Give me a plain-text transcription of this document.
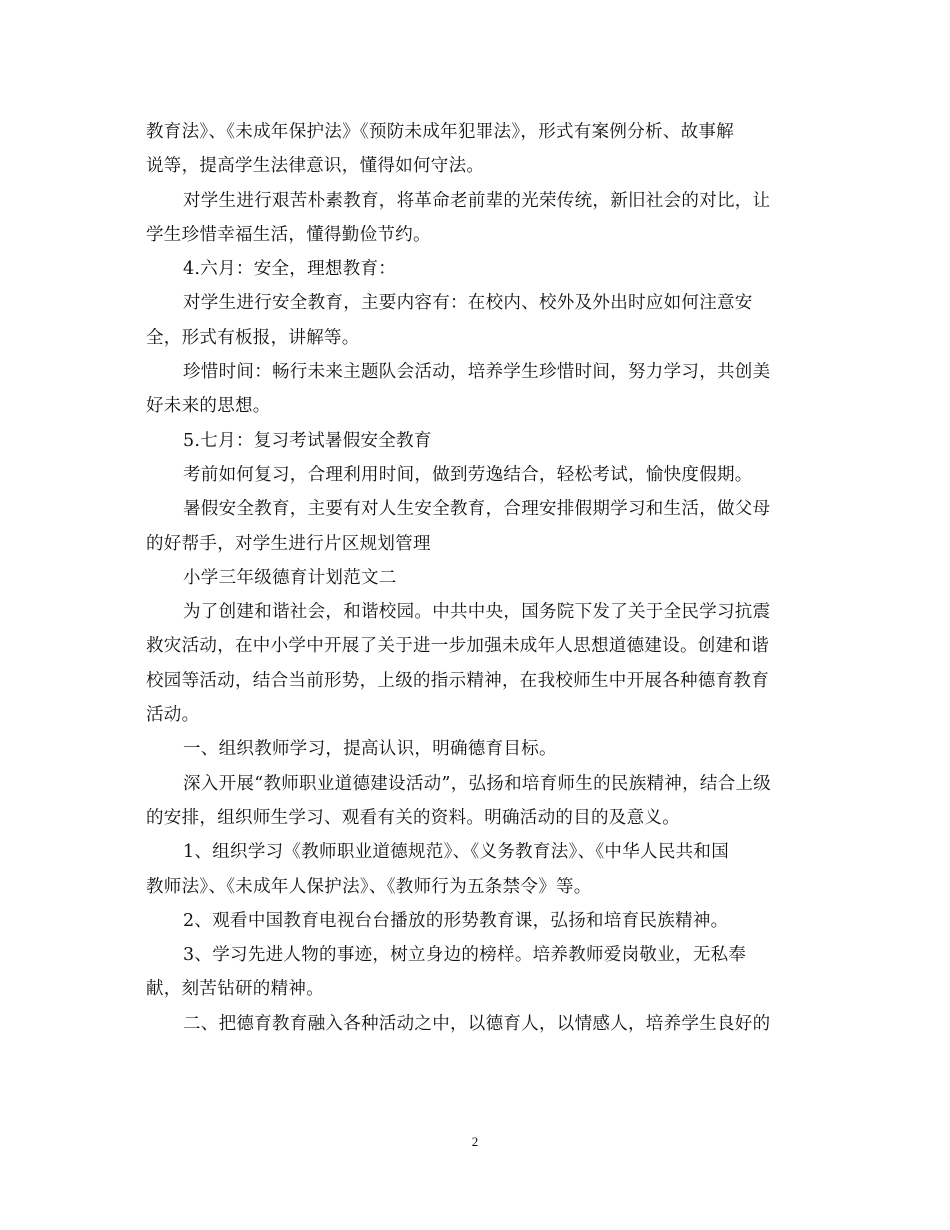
教育法》、《未成年保护法》《预防未成年犯罪法》，形式有案例分析、故事解
说等，提高学生法律意识，懂得如何守法。
对学生进行艰苦朴素教育，将革命老前辈的光荣传统，新旧社会的对比，让
学生珍惜幸福生活，懂得勤俭节约。
4.六月：安全，理想教育：
对学生进行安全教育，主要内容有：在校内、校外及外出时应如何注意安
全，形式有板报，讲解等。
珍惜时间：畅行未来主题队会活动，培养学生珍惜时间，努力学习，共创美
好未来的思想。
5.七月：复习考试暑假安全教育
考前如何复习，合理利用时间，做到劳逸结合，轻松考试，愉快度假期。
暑假安全教育，主要有对人生安全教育，合理安排假期学习和生活，做父母
的好帮手，对学生进行片区规划管理
小学三年级德育计划范文二
为了创建和谐社会，和谐校园。中共中央，国务院下发了关于全民学习抗震
救灾活动，在中小学中开展了关于进一步加强未成年人思想道德建设。创建和谐
校园等活动，结合当前形势，上级的指示精神，在我校师生中开展各种德育教育
活动。
一、组织教师学习，提高认识，明确德育目标。
深入开展“教师职业道德建设活动”，弘扬和培育师生的民族精神，结合上级
的安排，组织师生学习、观看有关的资料。明确活动的目的及意义。
1、组织学习《教师职业道德规范》、《义务教育法》、《中华人民共和国
教师法》、《未成年人保护法》、《教师行为五条禁令》等。
2、观看中国教育电视台台播放的形势教育课，弘扬和培育民族精神。
3、学习先进人物的事迹，树立身边的榜样。培养教师爱岗敬业，无私奉
献，刻苦钻研的精神。
二、把德育教育融入各种活动之中，以德育人，以情感人，培养学生良好的
2
